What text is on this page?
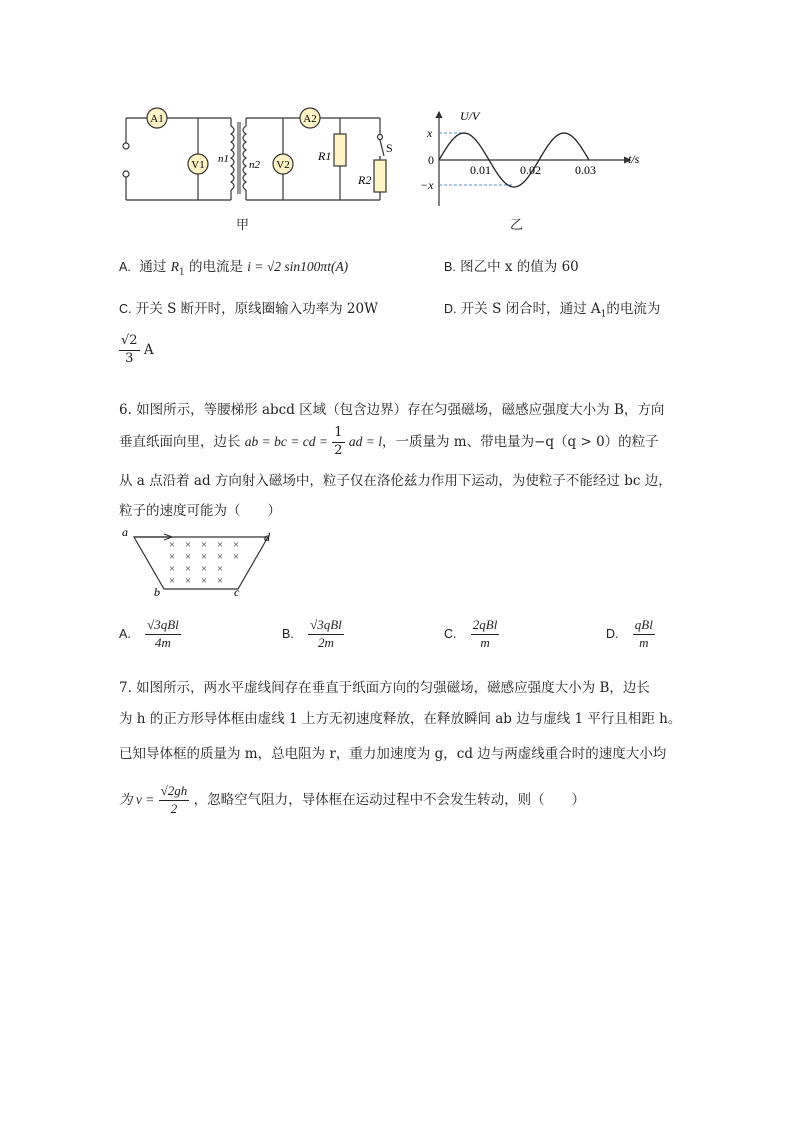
A1
V1
A2
V2
n1 n2
R1
R2
S
甲
U/V
t/s
x
0
−x
0.01 0.02	0.03
乙
A. 通过 $R_1$ 的电流是 i = √2 sin100πt(A)	B. 图乙中 x 的值为 60
C. 开关 S 断开时，原线圈输入功率为 20W	D. 开关 S 闭合时，通过 $A_1$的电流为
$\frac{√2}{3}$ A
6. 如图所示，等腰梯形 abcd 区域（包含边界）存在匀强磁场，磁感应强度大小为 B，方向
垂直纸面向里，边长 ab = bc = cd = $\frac{1}{2}$ ad = l，一质量为 m、带电量为−q（q > 0）的粒子
从 a 点沿着 ad 方向射入磁场中，粒子仅在洛伦兹力作用下运动，为使粒子不能经过 bc 边，
粒子的速度可能为（　　）
× × × × ×
× × × × ×
× × × ×
× × × ×
a	d
b	c
A. $\frac{\text{√3qBl}}{4m}$	B. $\frac{\text{√3qBl}}{2m}$	C. $\frac{\text{2qBl}}{m}$	D. $\frac{\text{qBl}}{m}$
7. 如图所示，两水平虚线间存在垂直于纸面方向的匀强磁场，磁感应强度大小为 B，边长
为 h 的正方形导体框由虚线 1 上方无初速度释放，在释放瞬间 ab 边与虚线 1 平行且相距 h。
已知导体框的质量为 m，总电阻为 r，重力加速度为 g，cd 边与两虚线重合时的速度大小均
为 $v = \frac{√2gh}{2}$ ，忽略空气阻力，导体框在运动过程中不会发生转动，则（　　）
